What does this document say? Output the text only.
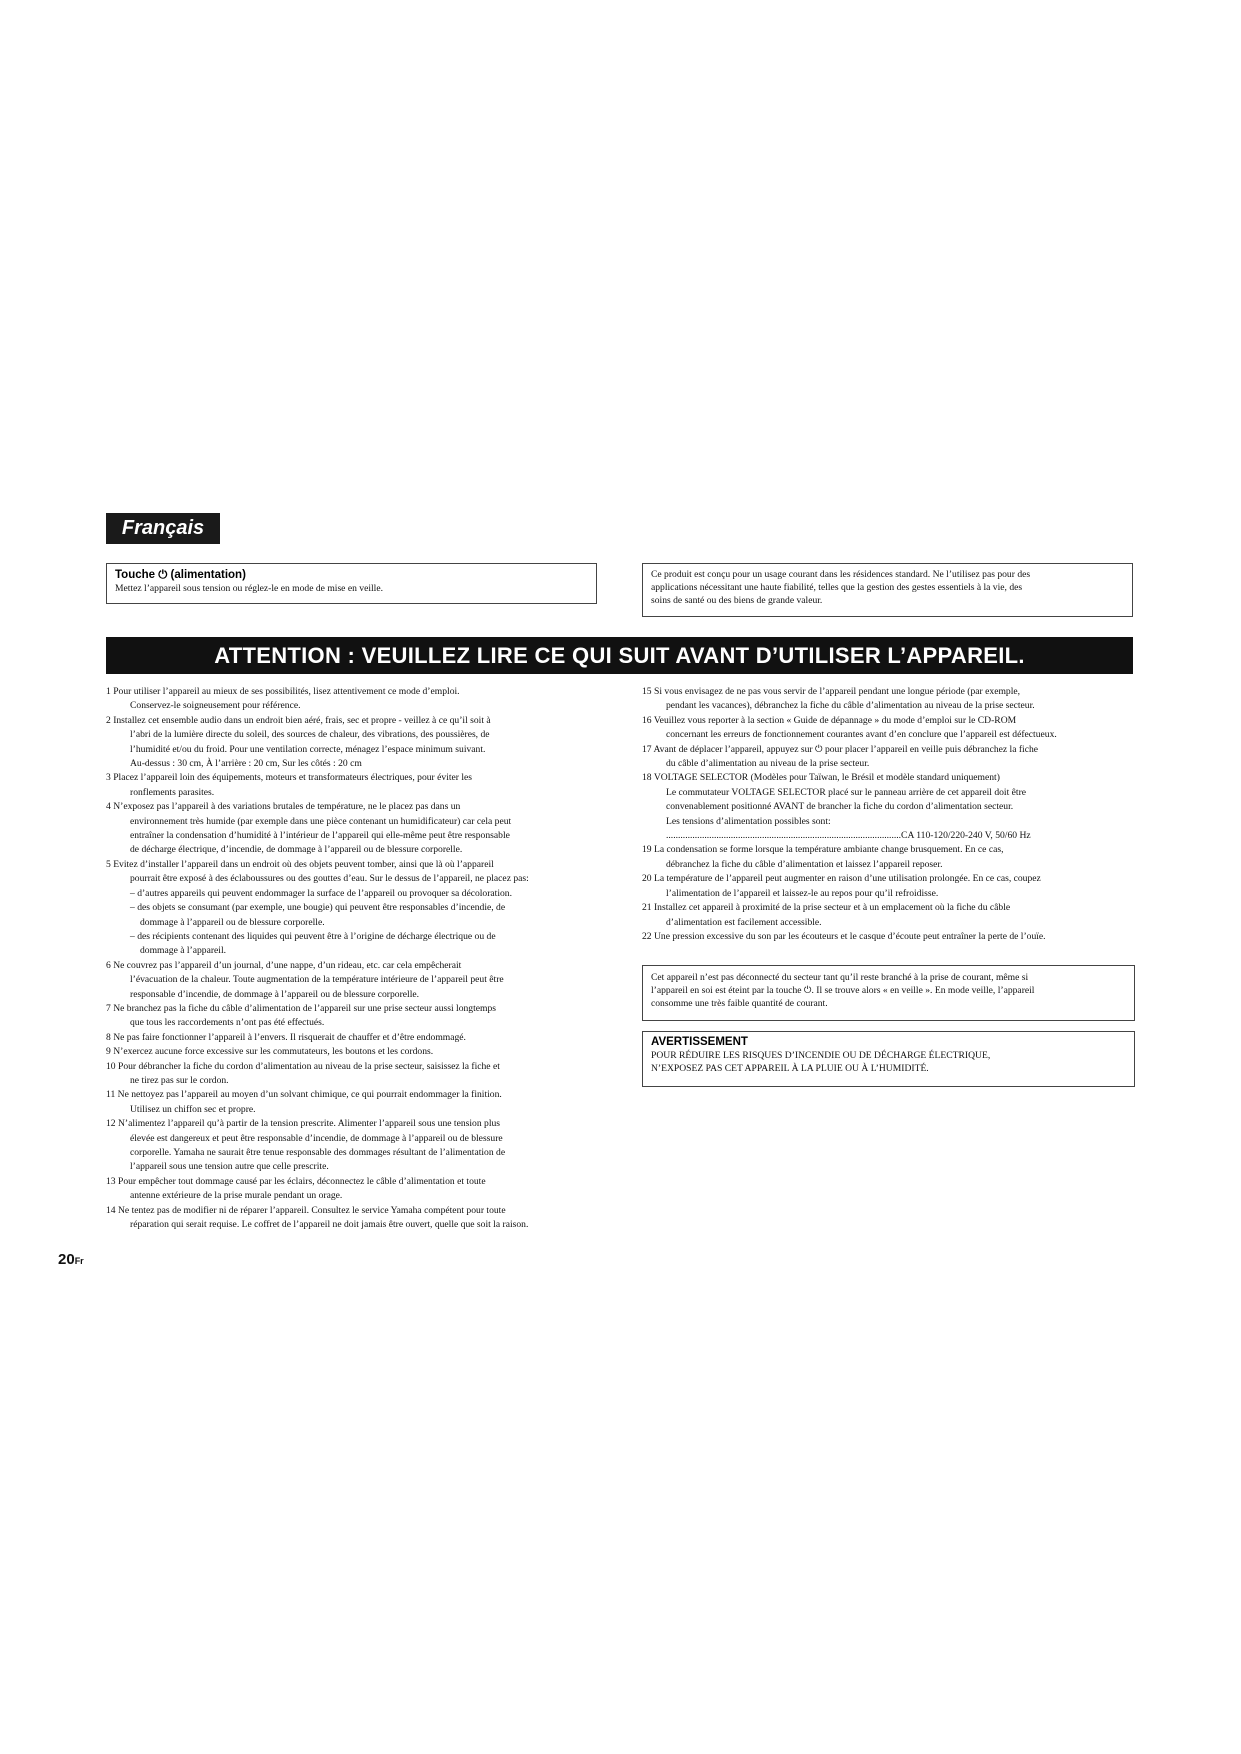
Français
Touche ⏻ (alimentation)
Mettez l’appareil sous tension ou réglez-le en mode de mise en veille.
Ce produit est conçu pour un usage courant dans les résidences standard. Ne l’utilisez pas pour des
applications nécessitant une haute fiabilité, telles que la gestion des gestes essentiels à la vie, des
soins de santé ou des biens de grande valeur.
ATTENTION : VEUILLEZ LIRE CE QUI SUIT AVANT D’UTILISER L’APPAREIL.
1 Pour utiliser l’appareil au mieux de ses possibilités, lisez attentivement ce mode d’emploi.
Conservez-le soigneusement pour référence.
2 Installez cet ensemble audio dans un endroit bien aéré, frais, sec et propre - veillez à ce qu’il soit à
l’abri de la lumière directe du soleil, des sources de chaleur, des vibrations, des poussières, de
l’humidité et/ou du froid. Pour une ventilation correcte, ménagez l’espace minimum suivant.
Au-dessus : 30 cm, À l’arrière : 20 cm, Sur les côtés : 20 cm
3 Placez l’appareil loin des équipements, moteurs et transformateurs électriques, pour éviter les
ronflements parasites.
4 N’exposez pas l’appareil à des variations brutales de température, ne le placez pas dans un
environnement très humide (par exemple dans une pièce contenant un humidificateur) car cela peut
entraîner la condensation d’humidité à l’intérieur de l’appareil qui elle-même peut être responsable
de décharge électrique, d’incendie, de dommage à l’appareil ou de blessure corporelle.
5 Evitez d’installer l’appareil dans un endroit où des objets peuvent tomber, ainsi que là où l’appareil
pourrait être exposé à des éclaboussures ou des gouttes d’eau. Sur le dessus de l’appareil, ne placez pas:
– d’autres appareils qui peuvent endommager la surface de l’appareil ou provoquer sa décoloration.
– des objets se consumant (par exemple, une bougie) qui peuvent être responsables d’incendie, de
dommage à l’appareil ou de blessure corporelle.
– des récipients contenant des liquides qui peuvent être à l’origine de décharge électrique ou de
dommage à l’appareil.
6 Ne couvrez pas l’appareil d’un journal, d’une nappe, d’un rideau, etc. car cela empêcherait
l’évacuation de la chaleur. Toute augmentation de la température intérieure de l’appareil peut être
responsable d’incendie, de dommage à l’appareil ou de blessure corporelle.
7 Ne branchez pas la fiche du câble d’alimentation de l’appareil sur une prise secteur aussi longtemps
que tous les raccordements n’ont pas été effectués.
8 Ne pas faire fonctionner l’appareil à l’envers. Il risquerait de chauffer et d’être endommagé.
9 N’exercez aucune force excessive sur les commutateurs, les boutons et les cordons.
10 Pour débrancher la fiche du cordon d’alimentation au niveau de la prise secteur, saisissez la fiche et
ne tirez pas sur le cordon.
11 Ne nettoyez pas l’appareil au moyen d’un solvant chimique, ce qui pourrait endommager la finition.
Utilisez un chiffon sec et propre.
12 N’alimentez l’appareil qu’à partir de la tension prescrite. Alimenter l’appareil sous une tension plus
élevée est dangereux et peut être responsable d’incendie, de dommage à l’appareil ou de blessure
corporelle. Yamaha ne saurait être tenue responsable des dommages résultant de l’alimentation de
l’appareil sous une tension autre que celle prescrite.
13 Pour empêcher tout dommage causé par les éclairs, déconnectez le câble d’alimentation et toute
antenne extérieure de la prise murale pendant un orage.
14 Ne tentez pas de modifier ni de réparer l’appareil. Consultez le service Yamaha compétent pour toute
réparation qui serait requise. Le coffret de l’appareil ne doit jamais être ouvert, quelle que soit la raison.
15 Si vous envisagez de ne pas vous servir de l’appareil pendant une longue période (par exemple,
pendant les vacances), débranchez la fiche du câble d’alimentation au niveau de la prise secteur.
16 Veuillez vous reporter à la section « Guide de dépannage » du mode d’emploi sur le CD-ROM
concernant les erreurs de fonctionnement courantes avant d’en conclure que l’appareil est défectueux.
17 Avant de déplacer l’appareil, appuyez sur ⏻ pour placer l’appareil en veille puis débranchez la fiche
du câble d’alimentation au niveau de la prise secteur.
18 VOLTAGE SELECTOR (Modèles pour Taïwan, le Brésil et modèle standard uniquement)
Le commutateur VOLTAGE SELECTOR placé sur le panneau arrière de cet appareil doit être
convenablement positionné AVANT de brancher la fiche du cordon d’alimentation secteur.
Les tensions d’alimentation possibles sont:
..................................................................................................CA 110-120/220-240 V, 50/60 Hz
19 La condensation se forme lorsque la température ambiante change brusquement. En ce cas,
débranchez la fiche du câble d’alimentation et laissez l’appareil reposer.
20 La température de l’appareil peut augmenter en raison d’une utilisation prolongée. En ce cas, coupez
l’alimentation de l’appareil et laissez-le au repos pour qu’il refroidisse.
21 Installez cet appareil à proximité de la prise secteur et à un emplacement où la fiche du câble
d’alimentation est facilement accessible.
22 Une pression excessive du son par les écouteurs et le casque d’écoute peut entraîner la perte de l’ouïe.
Cet appareil n’est pas déconnecté du secteur tant qu’il reste branché à la prise de courant, même si
l’appareil en soi est éteint par la touche ⏻. Il se trouve alors « en veille ». En mode veille, l’appareil
consomme une très faible quantité de courant.
AVERTISSEMENT
POUR RÉDUIRE LES RISQUES D’INCENDIE OU DE DÉCHARGE ÉLECTRIQUE,
N’EXPOSEZ PAS CET APPAREIL À LA PLUIE OU À L’HUMIDITÉ.
20Fr
